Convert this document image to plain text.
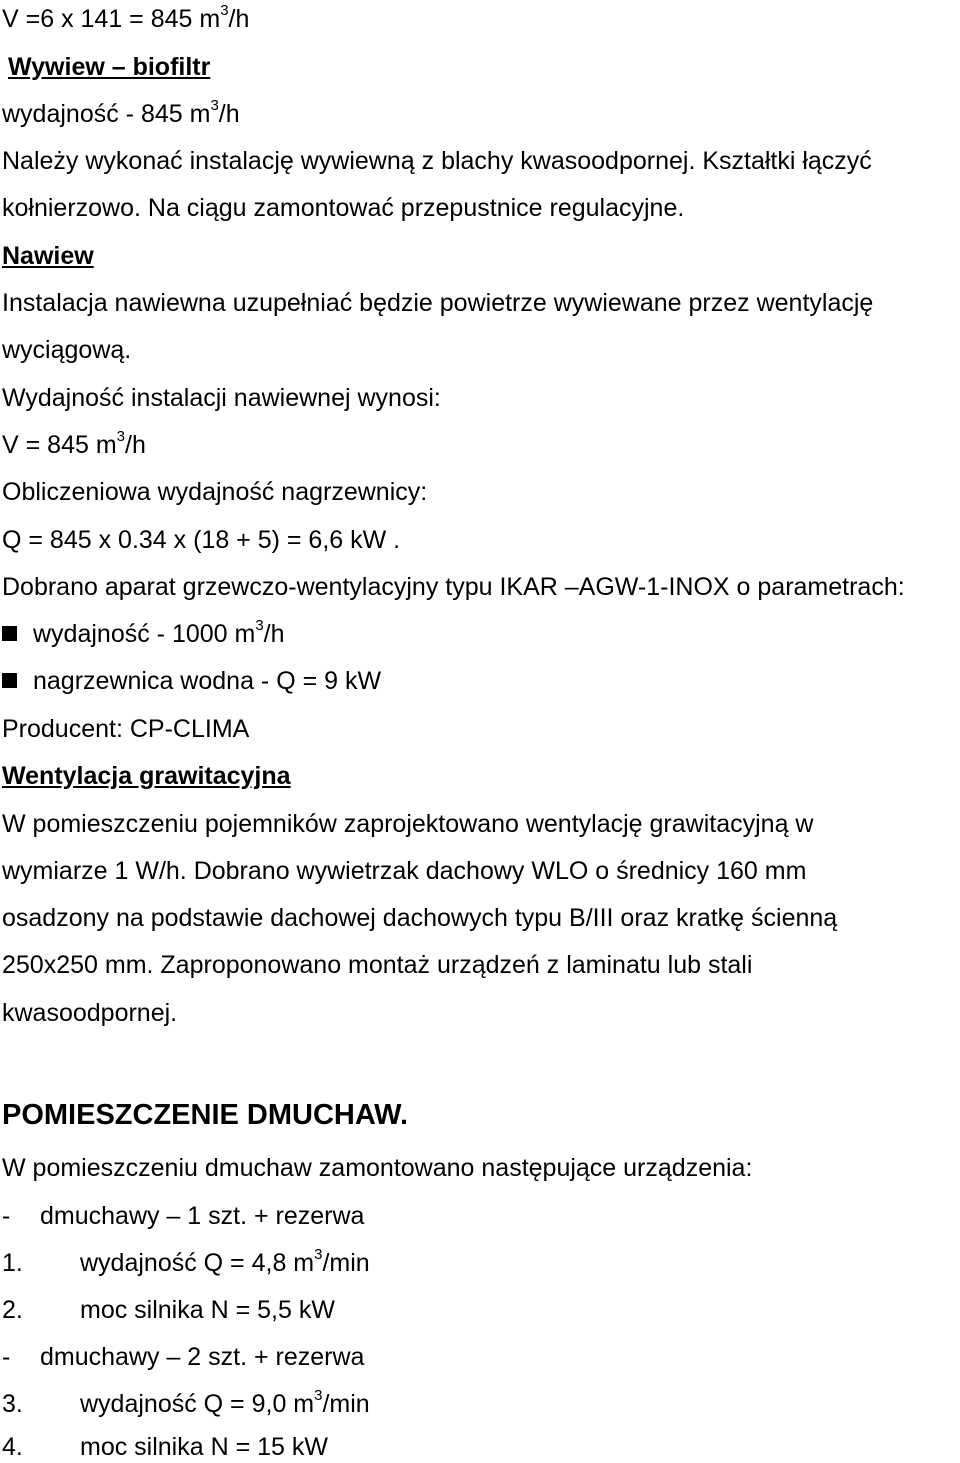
V =6 x 141 = 845 $m^3/h$
Wywiew – biofiltr
wydajność - 845 $m^3/h$
Należy wykonać instalację wywiewną z blachy kwasoodpornej. Kształtki łączyć
kołnierzowo. Na ciągu zamontować przepustnice regulacyjne.
Nawiew
Instalacja nawiewna uzupełniać będzie powietrze wywiewane przez wentylację
wyciągową.
Wydajność instalacji nawiewnej wynosi:
V = 845 $m^3/h$
Obliczeniowa wydajność nagrzewnicy:
Q = 845 x 0.34 x (18 + 5) = 6,6 kW .
Dobrano aparat grzewczo-wentylacyjny typu IKAR –AGW-1-INOX o parametrach:
wydajność - 1000 $m^3/h$
nagrzewnica wodna - Q = 9 kW
Producent: CP-CLIMA
Wentylacja grawitacyjna
W pomieszczeniu pojemników zaprojektowano wentylację grawitacyjną w
wymiarze 1 W/h. Dobrano wywietrzak dachowy WLO o średnicy 160 mm
osadzony na podstawie dachowej dachowych typu B/III oraz kratkę ścienną
250x250 mm. Zaproponowano montaż urządzeń z laminatu lub stali
kwasoodpornej.
POMIESZCZENIE DMUCHAW.
W pomieszczeniu dmuchaw zamontowano następujące urządzenia:
- dmuchawy – 1 szt. + rezerwa
1. wydajność Q = 4,8 $m^3/\min$
2. moc silnika N = 5,5 kW
- dmuchawy – 2 szt. + rezerwa
3. wydajność Q = 9,0 $m^3/\min$
4. moc silnika N = 15 kW
